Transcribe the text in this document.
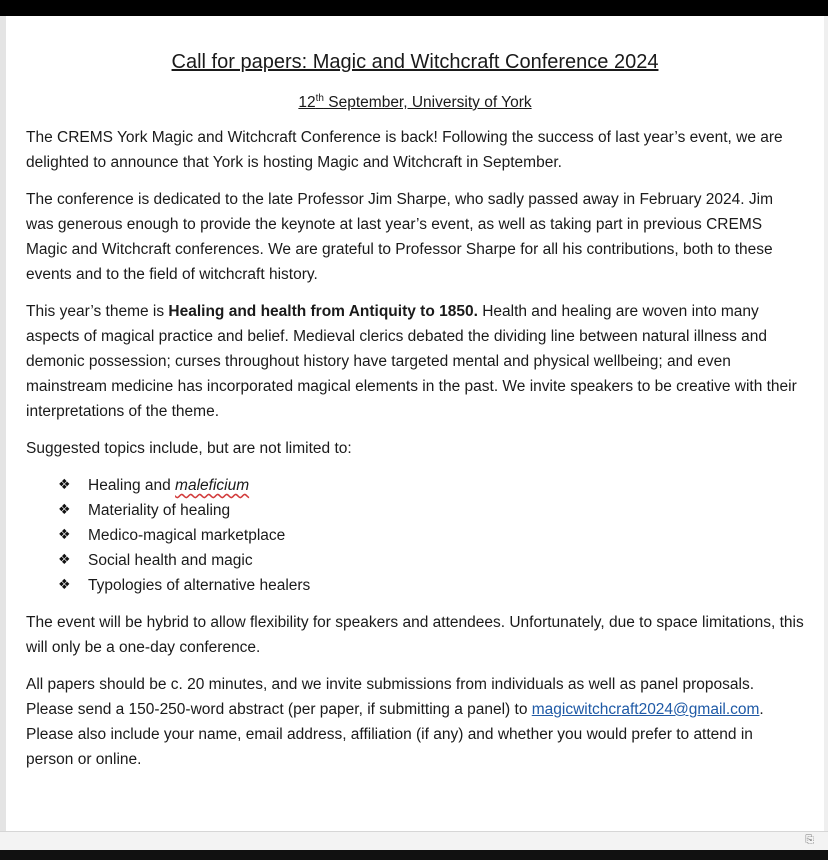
Call for papers: Magic and Witchcraft Conference 2024
12th September, University of York

The CREMS York Magic and Witchcraft Conference is back! Following the success of last year’s event, we are delighted to announce that York is hosting Magic and Witchcraft in September.

The conference is dedicated to the late Professor Jim Sharpe, who sadly passed away in February 2024. Jim was generous enough to provide the keynote at last year’s event, as well as taking part in previous CREMS Magic and Witchcraft conferences. We are grateful to Professor Sharpe for all his contributions, both to these events and to the field of witchcraft history.

This year’s theme is Healing and health from Antiquity to 1850. Health and healing are woven into many aspects of magical practice and belief. Medieval clerics debated the dividing line between natural illness and demonic possession; curses throughout history have targeted mental and physical wellbeing; and even mainstream medicine has incorporated magical elements in the past. We invite speakers to be creative with their interpretations of the theme.

Suggested topics include, but are not limited to:

❖	Healing and maleficium
❖	Materiality of healing
❖	Medico-magical marketplace
❖	Social health and magic
❖	Typologies of alternative healers

The event will be hybrid to allow flexibility for speakers and attendees. Unfortunately, due to space limitations, this will only be a one-day conference.

All papers should be c. 20 minutes, and we invite submissions from individuals as well as panel proposals. Please send a 150-250-word abstract (per paper, if submitting a panel) to magicwitchcraft2024@gmail.com. Please also include your name, email address, affiliation (if any) and whether you would prefer to attend in person or online.

⎘
